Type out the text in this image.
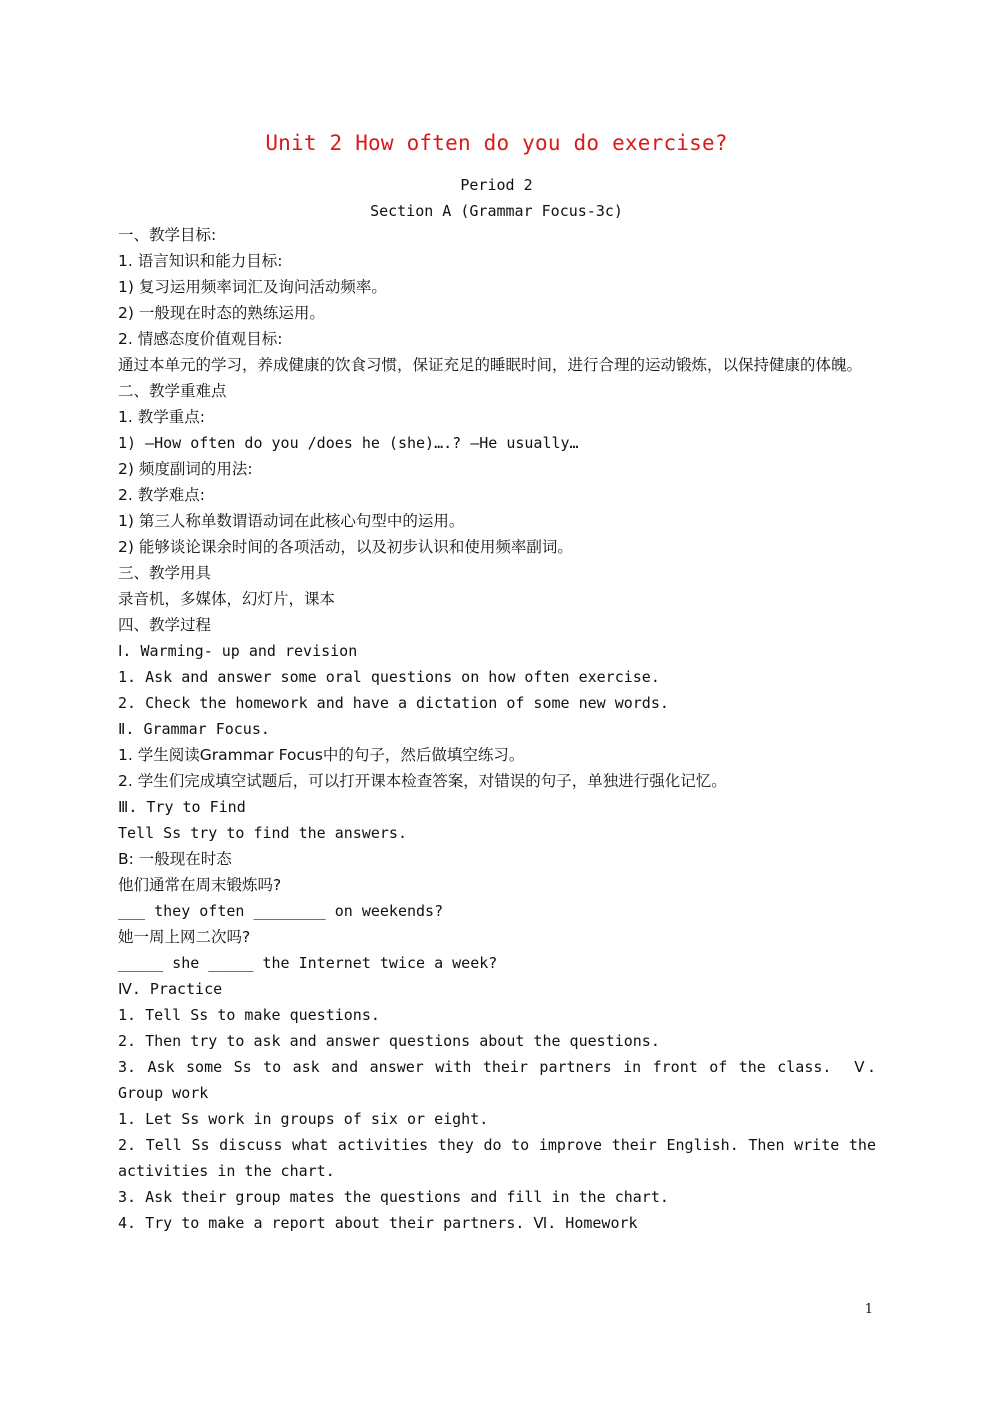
Unit 2 How often do you do exercise?
Period 2
Section A (Grammar Focus-3c)
一、教学目标:
1. 语言知识和能力目标:
1) 复习运用频率词汇及询问活动频率。
2) 一般现在时态的熟练运用。
2. 情感态度价值观目标:
通过本单元的学习，养成健康的饮食习惯，保证充足的睡眠时间，进行合理的运动锻炼，以保持健康的体魄。
二、教学重难点
1. 教学重点:
1) —How often do you /does he (she)….? —He usually…
2) 频度副词的用法:
2. 教学难点:
1) 第三人称单数谓语动词在此核心句型中的运用。
2) 能够谈论课余时间的各项活动，以及初步认识和使用频率副词。
三、教学用具
录音机，多媒体，幻灯片，课本
四、教学过程
Ⅰ. Warming- up and revision
1. Ask and answer some oral questions on how often exercise.
2. Check the homework and have a dictation of some new words.
Ⅱ. Grammar Focus.
1. 学生阅读Grammar Focus中的句子，然后做填空练习。
2. 学生们完成填空试题后，可以打开课本检查答案，对错误的句子，单独进行强化记忆。
Ⅲ. Try to Find
Tell Ss try to find the answers.
B: 一般现在时态
他们通常在周末锻炼吗?
___ they often ________ on weekends?
她一周上网二次吗?
_____ she _____ the Internet twice a week?
Ⅳ. Practice
1. Tell Ss to make questions.
2. Then try to ask and answer questions about the questions.
3. Ask some Ss to ask and answer with their partners in front of the class.  Ⅴ. Group work
1. Let Ss work in groups of six or eight.
2. Tell Ss discuss what activities they do to improve their English. Then write the activities in the chart.
3. Ask their group mates the questions and fill in the chart.
4. Try to make a report about their partners. Ⅵ. Homework
1
